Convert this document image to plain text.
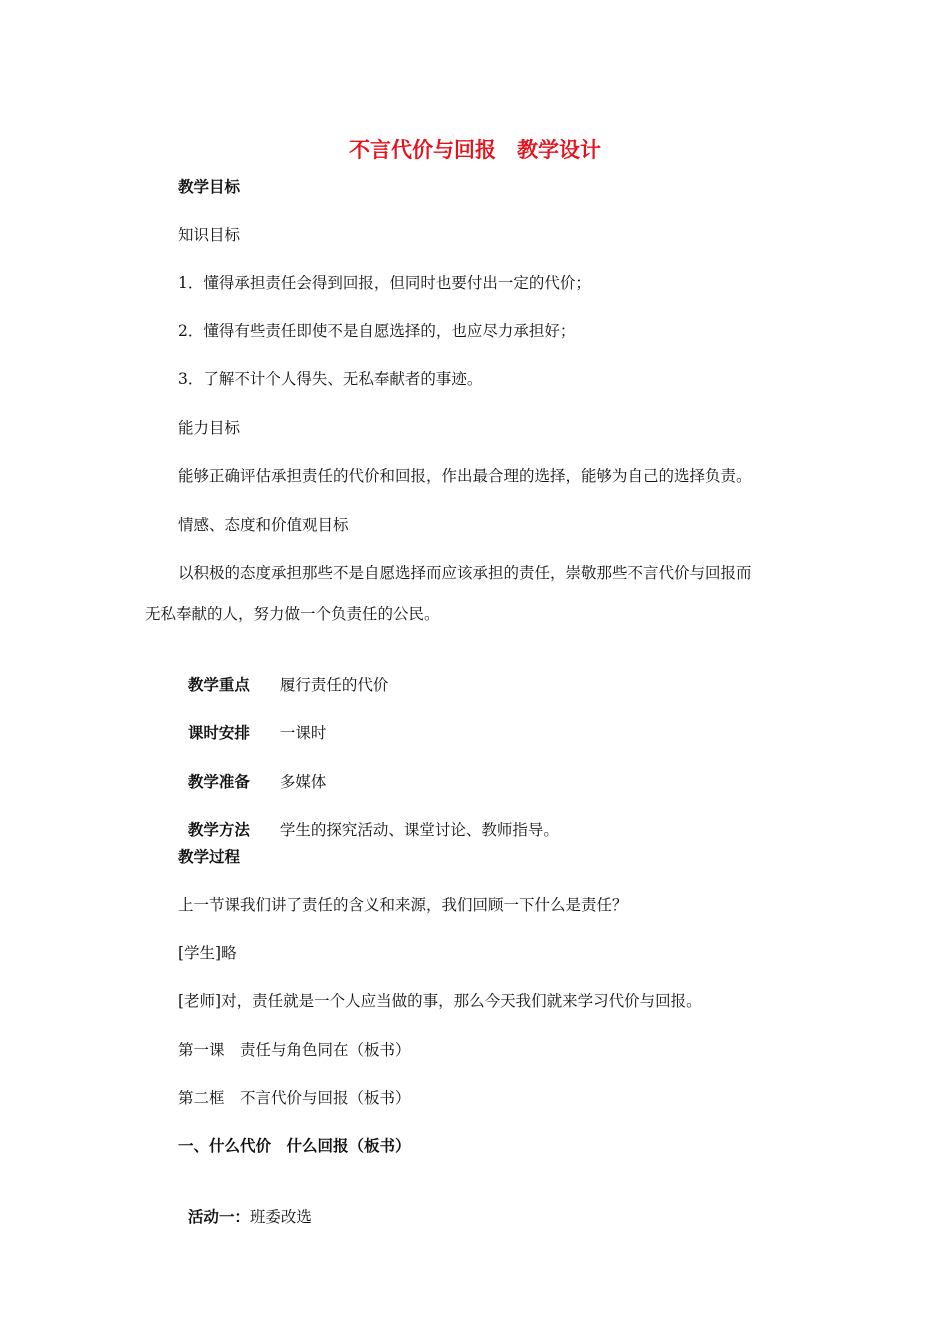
不言代价与回报　教学设计
教学目标
知识目标
1．懂得承担责任会得到回报，但同时也要付出一定的代价；
2．懂得有些责任即使不是自愿选择的，也应尽力承担好；
3．了解不计个人得失、无私奉献者的事迹。
能力目标
能够正确评估承担责任的代价和回报，作出最合理的选择，能够为自己的选择负责。
情感、态度和价值观目标
以积极的态度承担那些不是自愿选择而应该承担的责任，崇敬那些不言代价与回报而
无私奉献的人，努力做一个负责任的公民。

教学重点 履行责任的代价

课时安排 一课时

教学准备 多媒体

教学方法 学生的探究活动、课堂讨论、教师指导。

教学过程
上一节课我们讲了责任的含义和来源，我们回顾一下什么是责任？
[学生]略
[老师]对，责任就是一个人应当做的事，那么今天我们就来学习代价与回报。
第一课　责任与角色同在（板书）
第二框　不言代价与回报（板书）
一、什么代价　什么回报（板书）

活动一：班委改选
